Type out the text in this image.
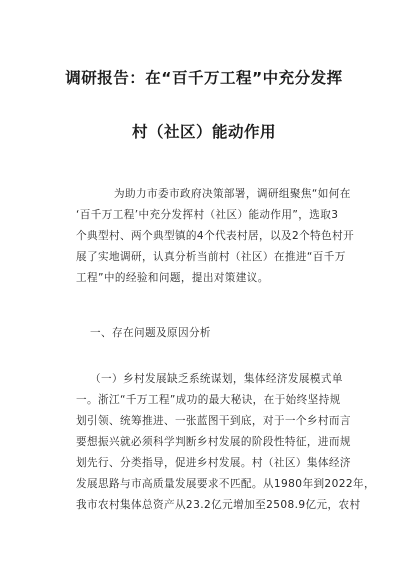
调研报告：在“百千万工程”中充分发挥
村（社区）能动作用
为助力市委市政府决策部署，调研组聚焦“如何在
‘百千万工程’中充分发挥村（社区）能动作用”，选取3
个典型村、两个典型镇的4个代表村居，以及2个特色村开
展了实地调研，认真分析当前村（社区）在推进“百千万
工程”中的经验和问题，提出对策建议。
一、存在问题及原因分析
（一）乡村发展缺乏系统谋划，集体经济发展模式单
一。浙江“千万工程”成功的最大秘诀，在于始终坚持规
划引领、统筹推进、一张蓝图干到底，对于一个乡村而言
要想振兴就必须科学判断乡村发展的阶段性特征，进而规
划先行、分类指导，促进乡村发展。村（社区）集体经济
发展思路与市高质量发展要求不匹配。从1980年到2022年，
我市农村集体总资产从23.2亿元增加至2508.9亿元，农村
